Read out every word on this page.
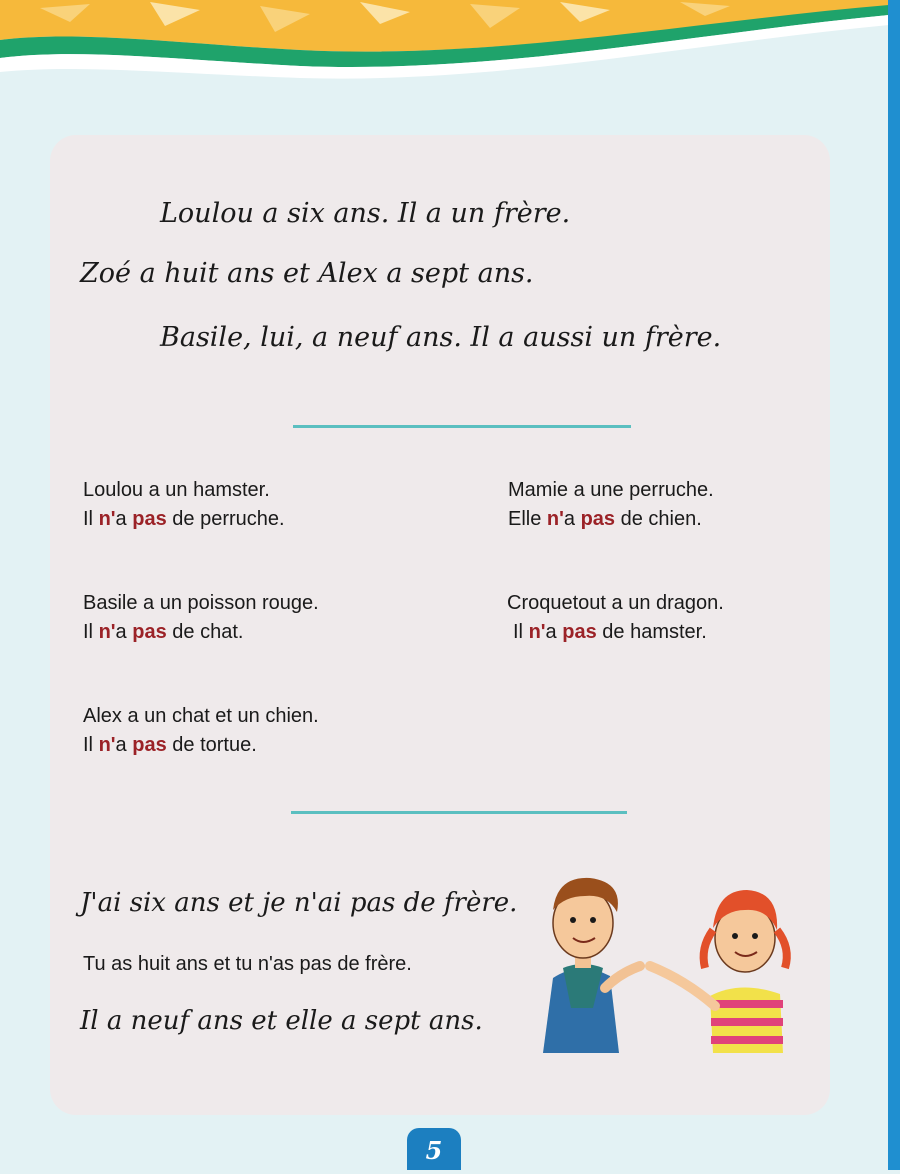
Loulou a six ans. Il a un frère.
Zoé a huit ans et Alex a sept ans.
Basile, lui, a neuf ans. Il a aussi un frère.
Loulou a un hamster.
Il n'a pas de perruche.
Mamie a une perruche.
Elle n'a pas de chien.
Basile a un poisson rouge.
Il n'a pas de chat.
Croquetout a un dragon.
Il n'a pas de hamster.
Alex a un chat et un chien.
Il n'a pas de tortue.
J'ai six ans et je n'ai pas de frère.
Tu as huit ans et tu n'as pas de frère.
Il a neuf ans et elle a sept ans.
5
